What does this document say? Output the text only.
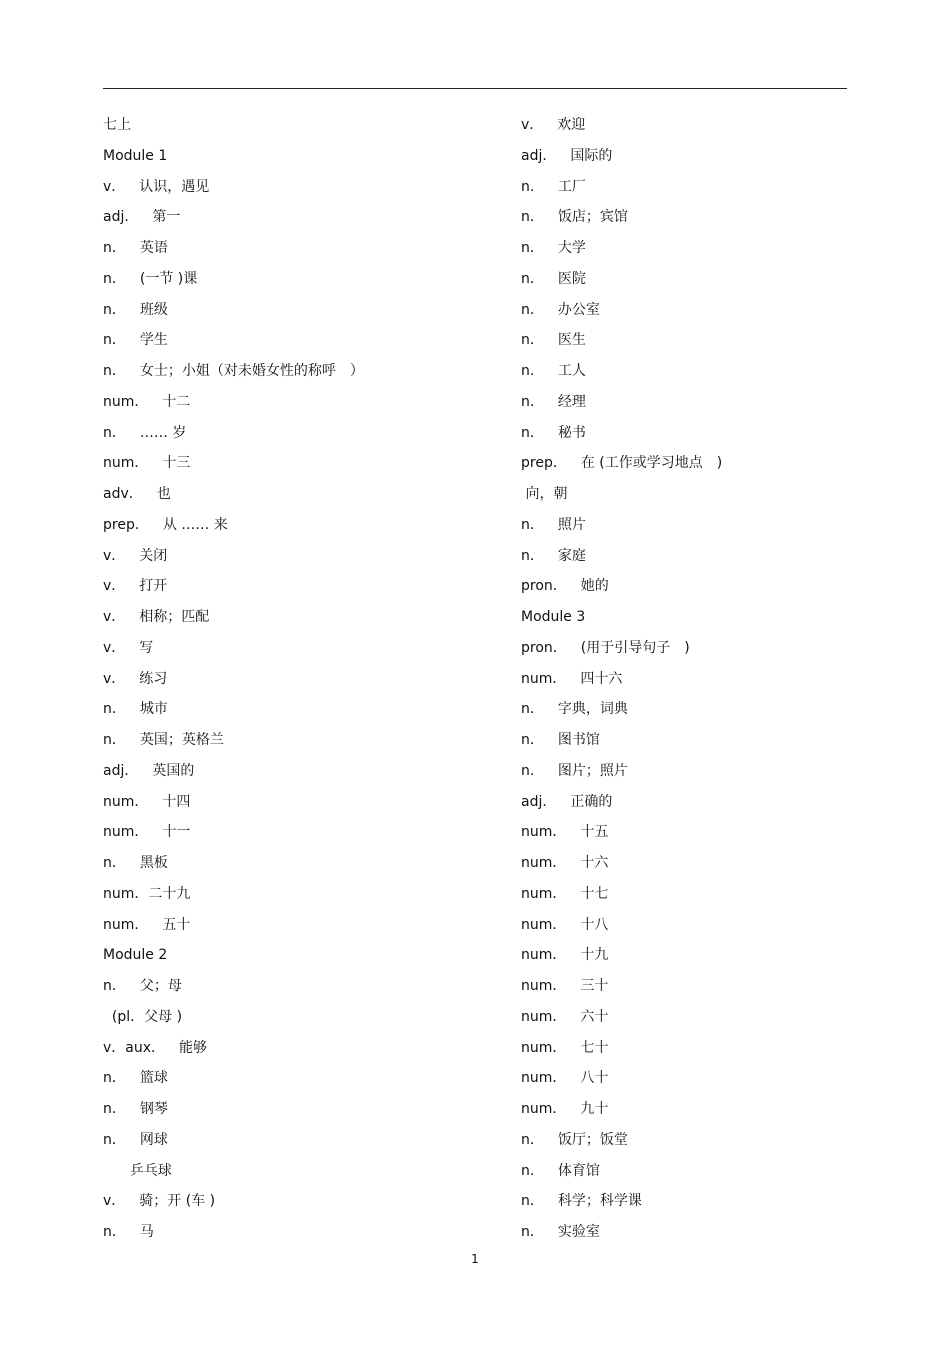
七上
Module 1
v． 认识，遇见
adj． 第一
n． 英语
n． (一节 )课
n． 班级
n． 学生
n． 女士；小姐（对未婚女性的称呼　）
num． 十二
n． …… 岁
num． 十三
adv． 也
prep． 从 …… 来
v． 关闭
v． 打开
v． 相称；匹配
v． 写
v． 练习
n． 城市
n． 英国；英格兰
adj． 英国的
num． 十四
num． 十一
n． 黑板
num．二十九
num． 五十
Module 2
n． 父；母
(pl．父母 )
v．aux． 能够
n． 篮球
n． 钢琴
n． 网球
乒乓球
v． 骑；开 (车 )
n． 马
v． 欢迎
adj． 国际的
n． 工厂
n． 饭店；宾馆
n． 大学
n． 医院
n． 办公室
n． 医生
n． 工人
n． 经理
n． 秘书
prep． 在 (工作或学习地点　)
向，朝
n． 照片
n． 家庭
pron． 她的
Module 3
pron． (用于引导句子　)
num． 四十六
n． 字典，词典
n． 图书馆
n． 图片；照片
adj． 正确的
num． 十五
num． 十六
num． 十七
num． 十八
num． 十九
num． 三十
num． 六十
num． 七十
num． 八十
num． 九十
n． 饭厅；饭堂
n． 体育馆
n． 科学；科学课
n． 实验室
1
